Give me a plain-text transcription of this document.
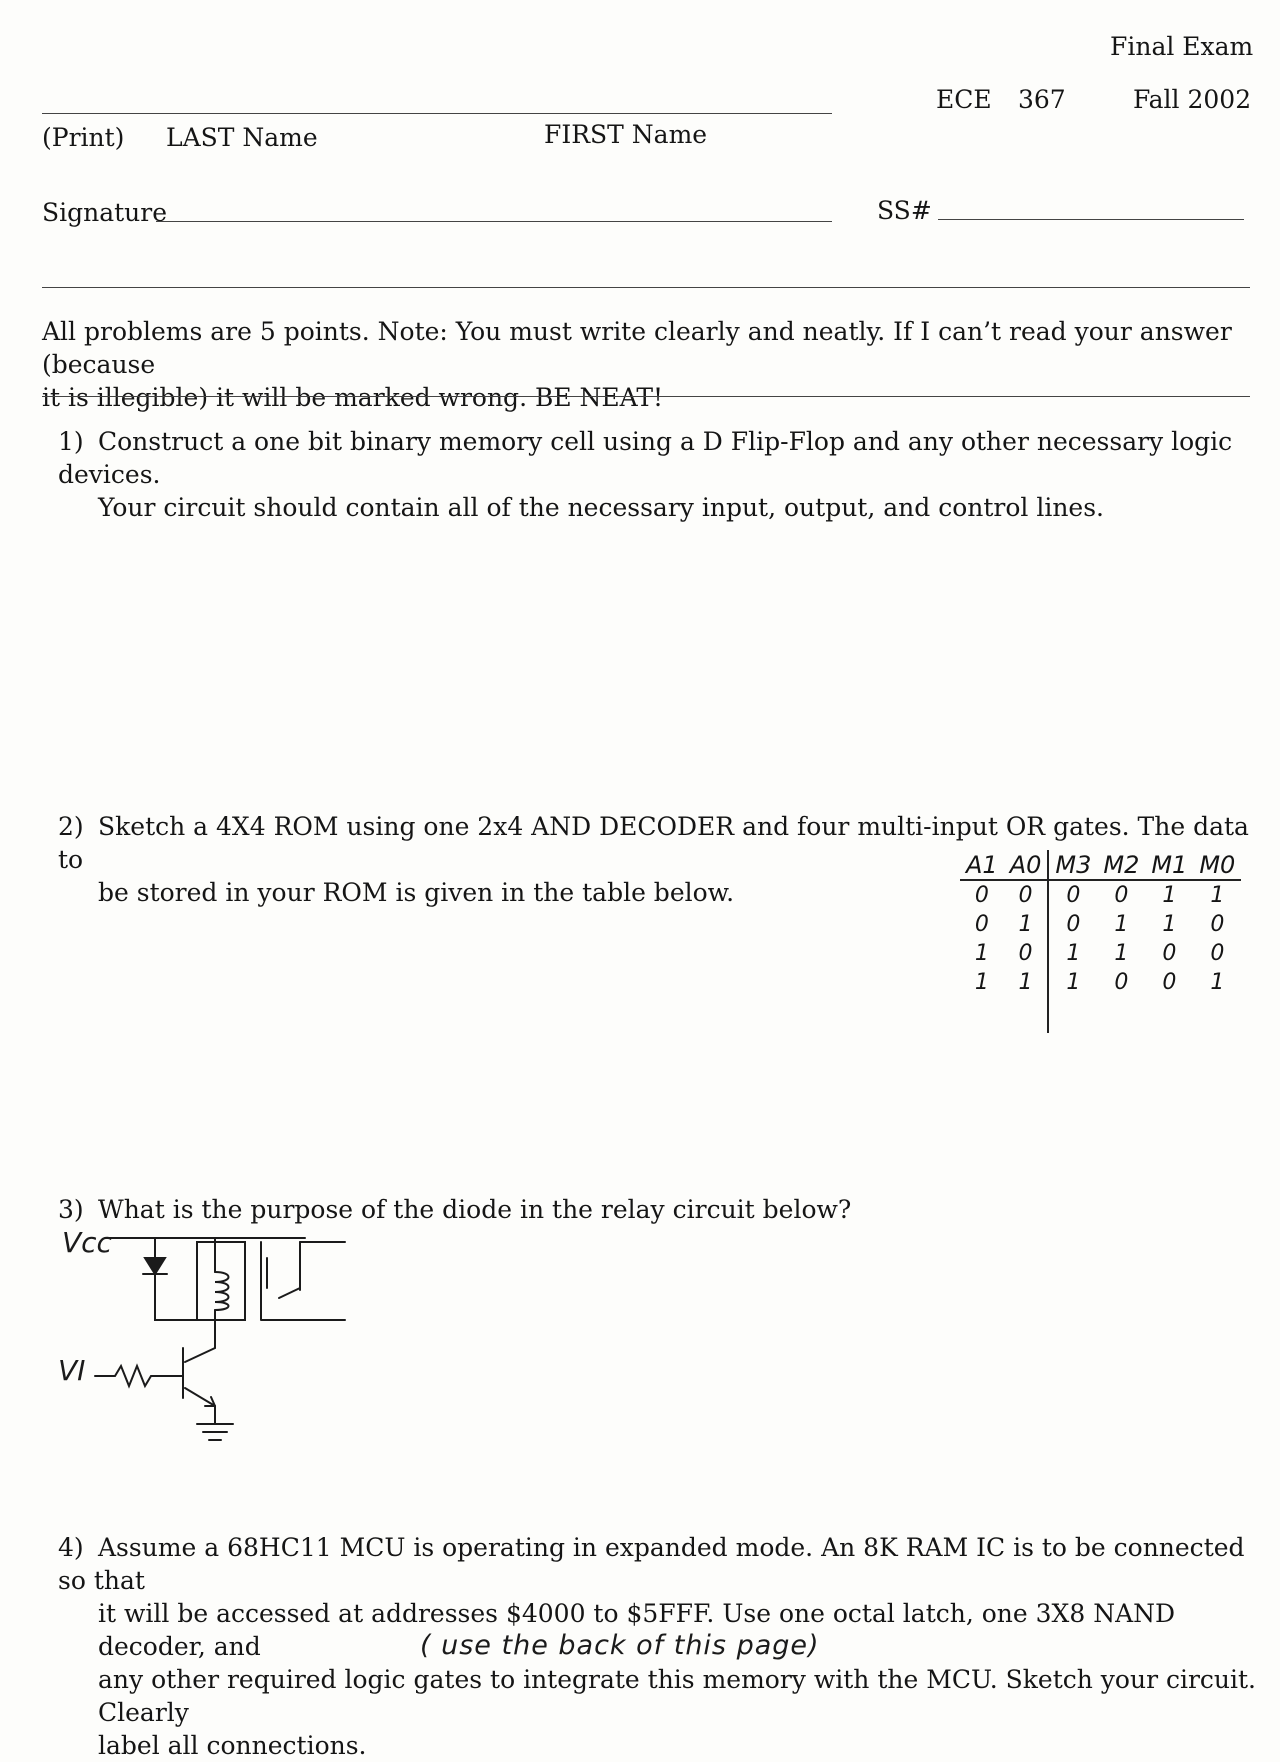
Final Exam
ECE 367	Fall 2002
(Print) LAST Name	FIRST Name
Signature	SS#
All problems are 5 points. Note: You must write clearly and neatly. If I can’t read your answer (because
it is illegible) it will be marked wrong. BE NEAT!
1) Construct a one bit binary memory cell using a D Flip-Flop and any other necessary logic devices.
Your circuit should contain all of the necessary input, output, and control lines.
2) Sketch a 4X4 ROM using one 2x4 AND DECODER and four multi-input OR gates. The data to
be stored in your ROM is given in the table below.
A1	A0	M3	M2	M1	M0
0	0	0	0	1	1
0	1	0	1	1	0
1	0	1	1	0	0
1	1	1	0	0	1

3) What is the purpose of the diode in the relay circuit below?
Vcc
VI
4) Assume a 68HC11 MCU is operating in expanded mode. An 8K RAM IC is to be connected so that
it will be accessed at addresses $4000 to $5FFF. Use one octal latch, one 3X8 NAND decoder, and
any other required logic gates to integrate this memory with the MCU. Sketch your circuit. Clearly
label all connections.
( use the back of this page)
